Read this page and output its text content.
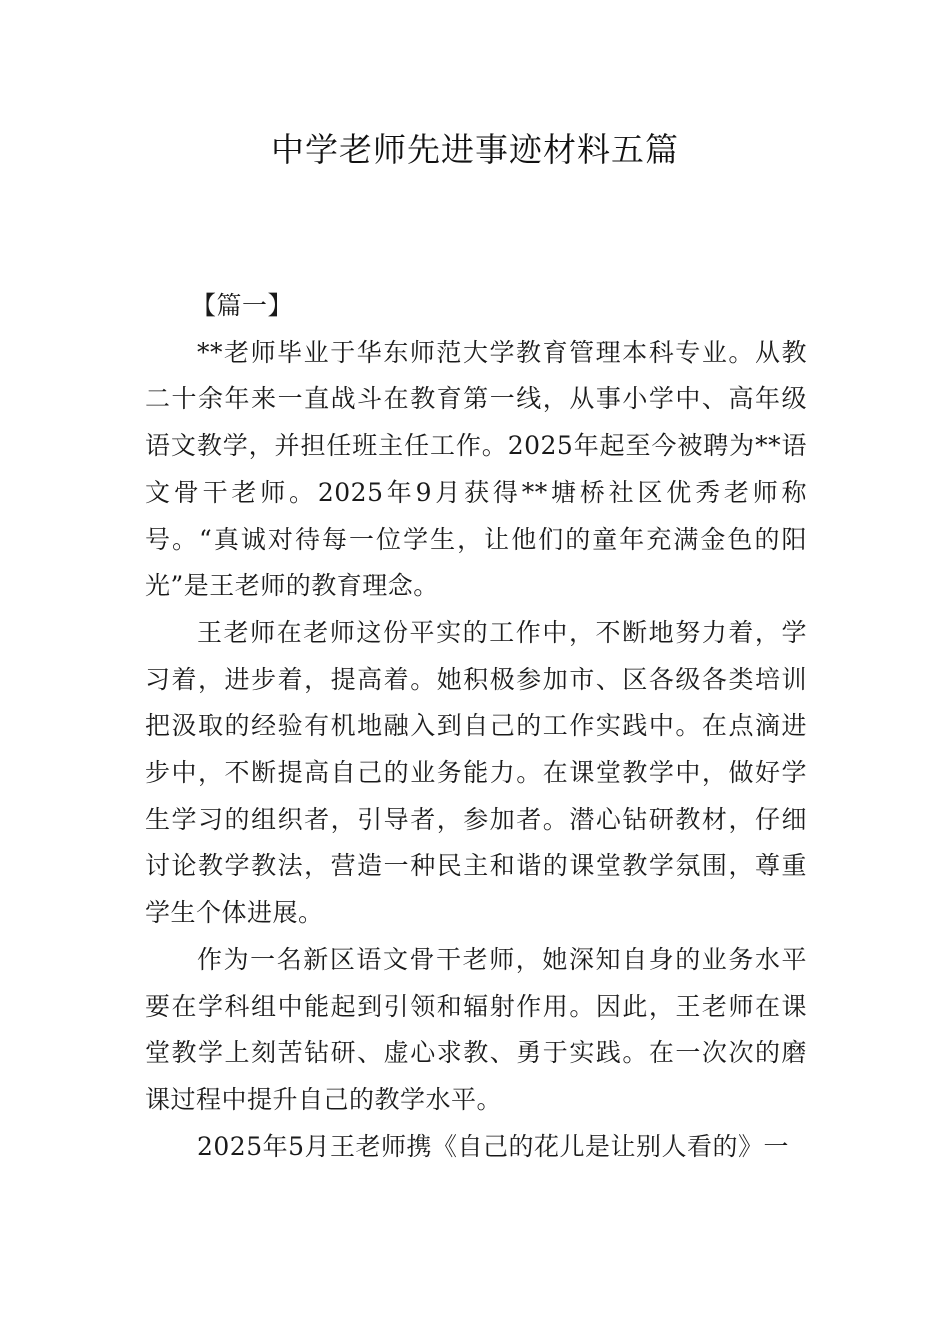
中学老师先进事迹材料五篇

【篇一】

**老师毕业于华东师范大学教育管理本科专业。从教二十余年来一直战斗在教育第一线，从事小学中、高年级语文教学，并担任班主任工作。2025年起至今被聘为**语文骨干老师。2025年9月获得**塘桥社区优秀老师称号。“真诚对待每一位学生，让他们的童年充满金色的阳光”是王老师的教育理念。

王老师在老师这份平实的工作中，不断地努力着，学习着，进步着，提高着。她积极参加市、区各级各类培训把汲取的经验有机地融入到自己的工作实践中。在点滴进步中，不断提高自己的业务能力。在课堂教学中，做好学生学习的组织者，引导者，参加者。潜心钻研教材，仔细讨论教学教法，营造一种民主和谐的课堂教学氛围，尊重学生个体进展。

作为一名新区语文骨干老师，她深知自身的业务水平要在学科组中能起到引领和辐射作用。因此，王老师在课堂教学上刻苦钻研、虚心求教、勇于实践。在一次次的磨课过程中提升自己的教学水平。

2025年5月王老师携《自己的花儿是让别人看的》一
